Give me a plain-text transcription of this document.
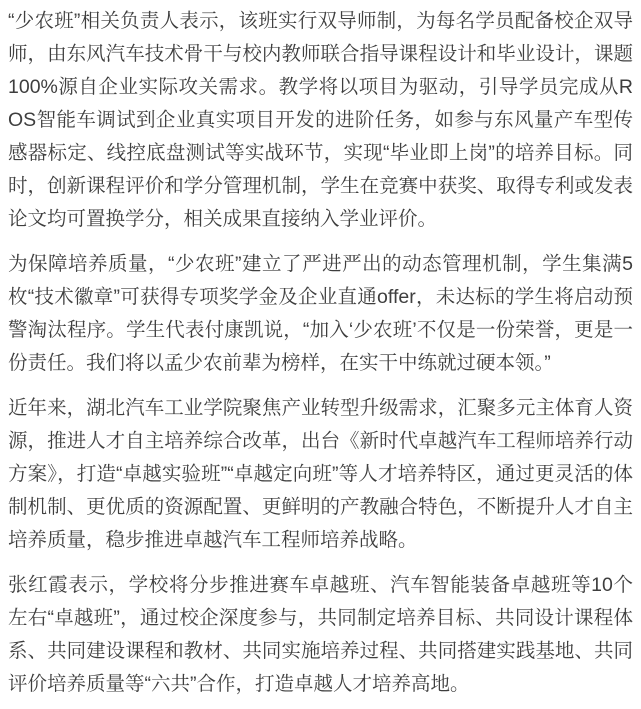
“少农班”相关负责人表示，该班实行双导师制，为每名学员配备校企双导师，由东风汽车技术骨干与校内教师联合指导课程设计和毕业设计，课题100%源自企业实际攻关需求。教学将以项目为驱动，引导学员完成从ROS智能车调试到企业真实项目开发的进阶任务，如参与东风量产车型传感器标定、线控底盘测试等实战环节，实现“毕业即上岗”的培养目标。同时，创新课程评价和学分管理机制，学生在竞赛中获奖、取得专利或发表论文均可置换学分，相关成果直接纳入学业评价。

为保障培养质量，“少农班”建立了严进严出的动态管理机制，学生集满5枚“技术徽章”可获得专项奖学金及企业直通offer，未达标的学生将启动预警淘汰程序。学生代表付康凯说，“加入‘少农班’不仅是一份荣誉，更是一份责任。我们将以孟少农前辈为榜样，在实干中练就过硬本领。”

近年来，湖北汽车工业学院聚焦产业转型升级需求，汇聚多元主体育人资源，推进人才自主培养综合改革，出台《新时代卓越汽车工程师培养行动方案》，打造“卓越实验班”“卓越定向班”等人才培养特区，通过更灵活的体制机制、更优质的资源配置、更鲜明的产教融合特色，不断提升人才自主培养质量，稳步推进卓越汽车工程师培养战略。

张红霞表示，学校将分步推进赛车卓越班、汽车智能装备卓越班等10个左右“卓越班”，通过校企深度参与，共同制定培养目标、共同设计课程体系、共同建设课程和教材、共同实施培养过程、共同搭建实践基地、共同评价培养质量等“六共”合作，打造卓越人才培养高地。
